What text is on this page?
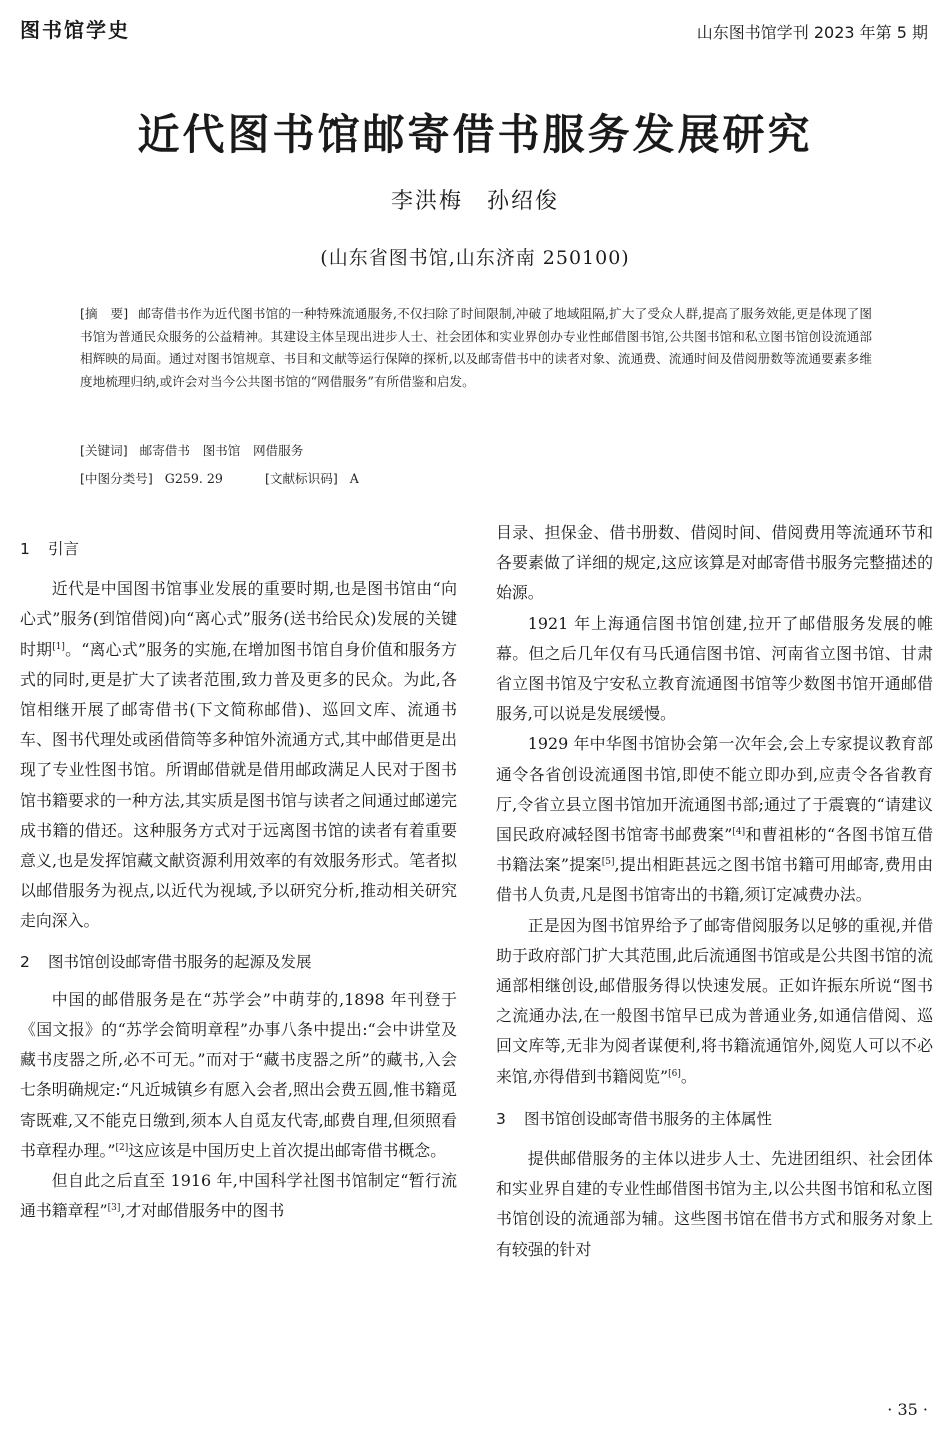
图书馆学史	山东图书馆学刊 2023 年第 5 期
近代图书馆邮寄借书服务发展研究
李洪梅　孙绍俊
(山东省图书馆,山东济南 250100)
[摘　要] 邮寄借书作为近代图书馆的一种特殊流通服务,不仅扫除了时间限制,冲破了地域阻隔,扩大了受众人群,提高了服务效能,更是体现了图书馆为普通民众服务的公益精神。其建设主体呈现出进步人士、社会团体和实业界创办专业性邮借图书馆,公共图书馆和私立图书馆创设流通部相辉映的局面。通过对图书馆规章、书目和文献等运行保障的探析,以及邮寄借书中的读者对象、流通费、流通时间及借阅册数等流通要素多维度地梳理归纳,或许会对当今公共图书馆的“网借服务”有所借鉴和启发。
[关键词] 邮寄借书　图书馆　网借服务
[中图分类号] G259. 29	[文献标识码] A
1 引言

近代是中国图书馆事业发展的重要时期,也是图书馆由“向心式”服务(到馆借阅)向“离心式”服务(送书给民众)发展的关键时期[1]。“离心式”服务的实施,在增加图书馆自身价值和服务方式的同时,更是扩大了读者范围,致力普及更多的民众。为此,各馆相继开展了邮寄借书(下文简称邮借)、巡回文库、流通书车、图书代理处或函借筒等多种馆外流通方式,其中邮借更是出现了专业性图书馆。所谓邮借就是借用邮政满足人民对于图书馆书籍要求的一种方法,其实质是图书馆与读者之间通过邮递完成书籍的借还。这种服务方式对于远离图书馆的读者有着重要意义,也是发挥馆藏文献资源利用效率的有效服务形式。笔者拟以邮借服务为视点,以近代为视域,予以研究分析,推动相关研究走向深入。

2 图书馆创设邮寄借书服务的起源及发展

中国的邮借服务是在“苏学会”中萌芽的,1898 年刊登于《国文报》的“苏学会简明章程”办事八条中提出:“会中讲堂及藏书庋器之所,必不可无。”而对于“藏书庋器之所”的藏书,入会七条明确规定:“凡近城镇乡有愿入会者,照出会费五圆,惟书籍觅寄既难,又不能克日缴到,须本人自觅友代寄,邮费自理,但须照看书章程办理。”[2]这应该是中国历史上首次提出邮寄借书概念。

但自此之后直至 1916 年,中国科学社图书馆制定“暂行流通书籍章程”[3],才对邮借服务中的图书

目录、担保金、借书册数、借阅时间、借阅费用等流通环节和各要素做了详细的规定,这应该算是对邮寄借书服务完整描述的始源。

1921 年上海通信图书馆创建,拉开了邮借服务发展的帷幕。但之后几年仅有马氏通信图书馆、河南省立图书馆、甘肃省立图书馆及宁安私立教育流通图书馆等少数图书馆开通邮借服务,可以说是发展缓慢。

1929 年中华图书馆协会第一次年会,会上专家提议教育部通令各省创设流通图书馆,即使不能立即办到,应责令各省教育厅,令省立县立图书馆加开流通图书部;通过了于震寰的“请建议国民政府减轻图书馆寄书邮费案”[4]和曹祖彬的“各图书馆互借书籍法案”提案[5],提出相距甚远之图书馆书籍可用邮寄,费用由借书人负责,凡是图书馆寄出的书籍,须订定减费办法。

正是因为图书馆界给予了邮寄借阅服务以足够的重视,并借助于政府部门扩大其范围,此后流通图书馆或是公共图书馆的流通部相继创设,邮借服务得以快速发展。正如许振东所说“图书之流通办法,在一般图书馆早已成为普通业务,如通信借阅、巡回文库等,无非为阅者谋便利,将书籍流通馆外,阅览人可以不必来馆,亦得借到书籍阅览”[6]。

3 图书馆创设邮寄借书服务的主体属性

提供邮借服务的主体以进步人士、先进团组织、社会团体和实业界自建的专业性邮借图书馆为主,以公共图书馆和私立图书馆创设的流通部为辅。这些图书馆在借书方式和服务对象上有较强的针对

· 35 ·
